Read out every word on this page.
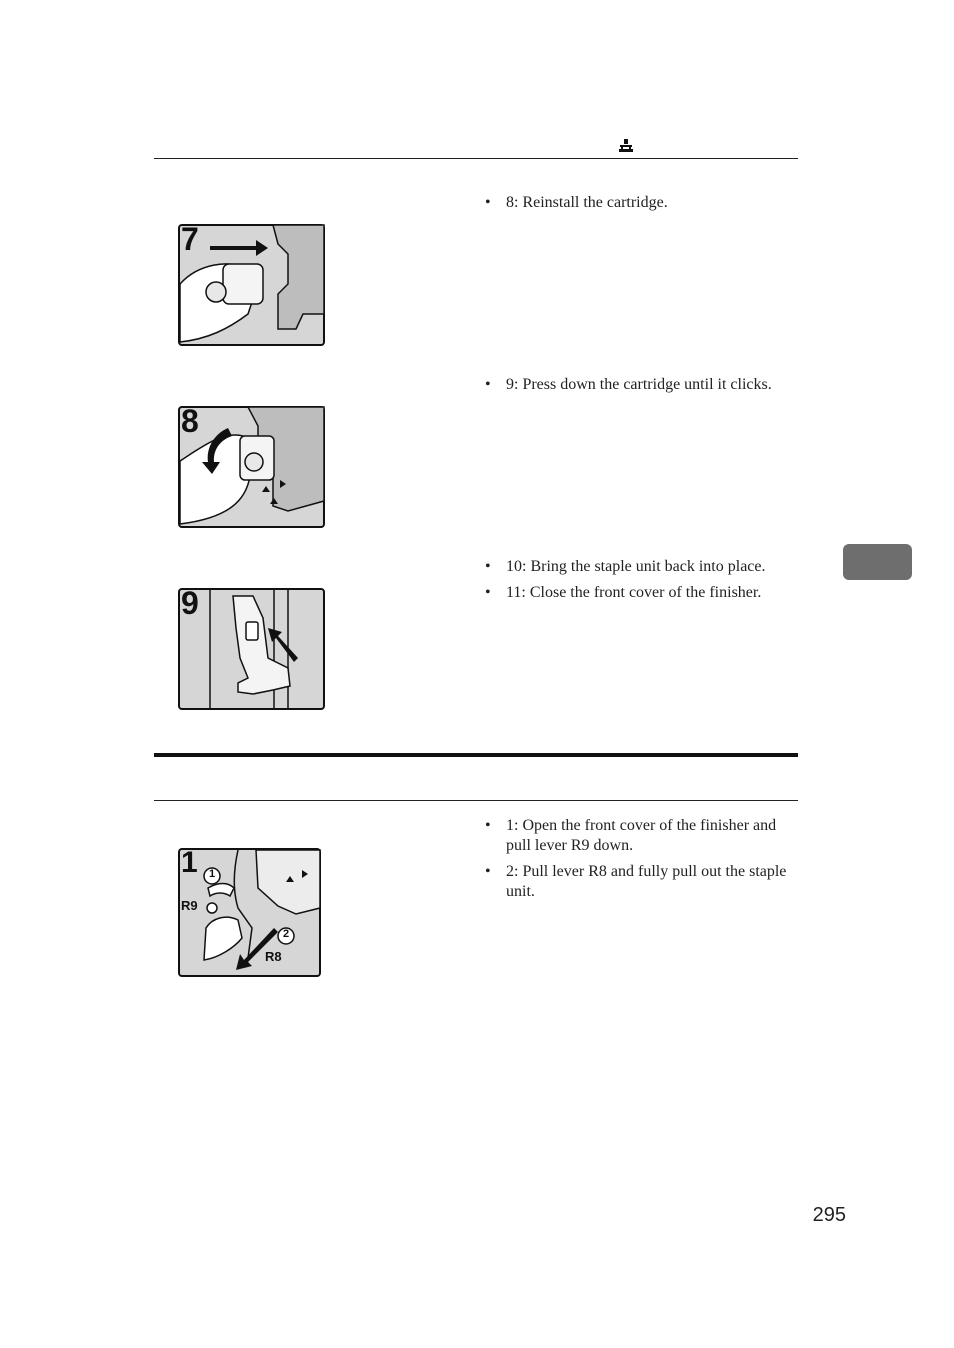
7
• 8: Reinstall the cartridge.
8
• 9: Press down the cartridge until it clicks.
9
• 10: Bring the staple unit back into place.
• 11: Close the front cover of the finisher.
1 1
2
R9
R8
• 1: Open the front cover of the finisher and pull lever R9 down.
• 2: Pull lever R8 and fully pull out the staple unit.
295
